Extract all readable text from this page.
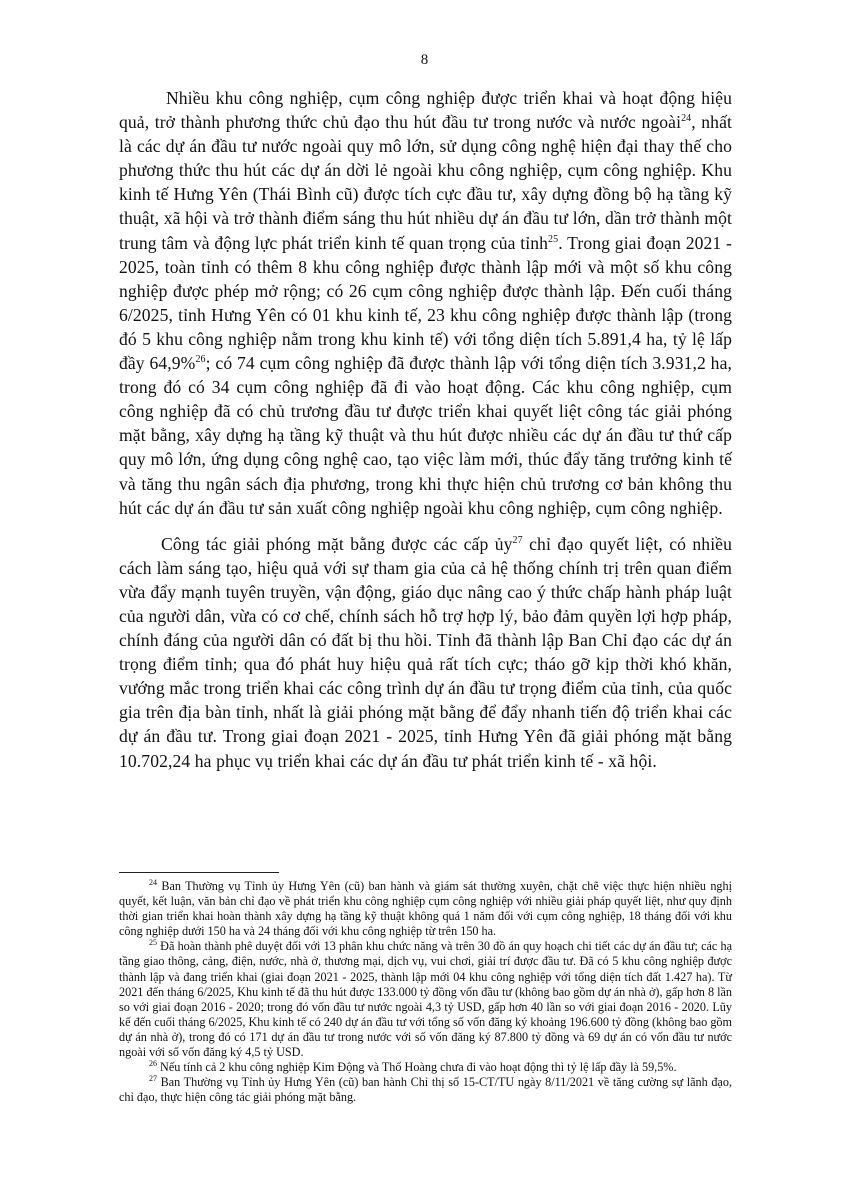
8

Nhiều khu công nghiệp, cụm công nghiệp được triển khai và hoạt động hiệu quả, trở thành phương thức chủ đạo thu hút đầu tư trong nước và nước ngoài$^{24}$, nhất là các dự án đầu tư nước ngoài quy mô lớn, sử dụng công nghệ hiện đại thay thế cho phương thức thu hút các dự án dời lẻ ngoài khu công nghiệp, cụm công nghiệp. Khu kinh tế Hưng Yên (Thái Bình cũ) được tích cực đầu tư, xây dựng đồng bộ hạ tầng kỹ thuật, xã hội và trở thành điểm sáng thu hút nhiều dự án đầu tư lớn, dần trở thành một trung tâm và động lực phát triển kinh tế quan trọng của tỉnh$^{25}$. Trong giai đoạn 2021 - 2025, toàn tỉnh có thêm 8 khu công nghiệp được thành lập mới và một số khu công nghiệp được phép mở rộng; có 26 cụm công nghiệp được thành lập. Đến cuối tháng 6/2025, tỉnh Hưng Yên có 01 khu kinh tế, 23 khu công nghiệp được thành lập (trong đó 5 khu công nghiệp nằm trong khu kinh tế) với tổng diện tích 5.891,4 ha, tỷ lệ lấp đầy 64,9%$^{26}$; có 74 cụm công nghiệp đã được thành lập với tổng diện tích 3.931,2 ha, trong đó có 34 cụm công nghiệp đã đi vào hoạt động. Các khu công nghiệp, cụm công nghiệp đã có chủ trương đầu tư được triển khai quyết liệt công tác giải phóng mặt bằng, xây dựng hạ tầng kỹ thuật và thu hút được nhiều các dự án đầu tư thứ cấp quy mô lớn, ứng dụng công nghệ cao, tạo việc làm mới, thúc đẩy tăng trưởng kinh tế và tăng thu ngân sách địa phương, trong khi thực hiện chủ trương cơ bản không thu hút các dự án đầu tư sản xuất công nghiệp ngoài khu công nghiệp, cụm công nghiệp.

Công tác giải phóng mặt bằng được các cấp ủy$^{27}$ chỉ đạo quyết liệt, có nhiều cách làm sáng tạo, hiệu quả với sự tham gia của cả hệ thống chính trị trên quan điểm vừa đẩy mạnh tuyên truyền, vận động, giáo dục nâng cao ý thức chấp hành pháp luật của người dân, vừa có cơ chế, chính sách hỗ trợ hợp lý, bảo đảm quyền lợi hợp pháp, chính đáng của người dân có đất bị thu hồi. Tỉnh đã thành lập Ban Chỉ đạo các dự án trọng điểm tỉnh; qua đó phát huy hiệu quả rất tích cực; tháo gỡ kịp thời khó khăn, vướng mắc trong triển khai các công trình dự án đầu tư trọng điểm của tỉnh, của quốc gia trên địa bàn tỉnh, nhất là giải phóng mặt bằng để đẩy nhanh tiến độ triển khai các dự án đầu tư. Trong giai đoạn 2021 - 2025, tỉnh Hưng Yên đã giải phóng mặt bằng 10.702,24 ha phục vụ triển khai các dự án đầu tư phát triển kinh tế - xã hội.

$^{24}$ Ban Thường vụ Tỉnh ủy Hưng Yên (cũ) ban hành và giám sát thường xuyên, chặt chẽ việc thực hiện nhiều nghị quyết, kết luận, văn bản chỉ đạo về phát triển khu công nghiệp cụm công nghiệp với nhiều giải pháp quyết liệt, như quy định thời gian triển khai hoàn thành xây dựng hạ tầng kỹ thuật không quá 1 năm đối với cụm công nghiệp, 18 tháng đối với khu công nghiệp dưới 150 ha và 24 tháng đối với khu công nghiệp từ trên 150 ha.

$^{25}$ Đã hoàn thành phê duyệt đối với 13 phân khu chức năng và trên 30 đồ án quy hoạch chi tiết các dự án đầu tư; các hạ tầng giao thông, cảng, điện, nước, nhà ở, thương mại, dịch vụ, vui chơi, giải trí được đầu tư. Đã có 5 khu công nghiệp được thành lập và đang triển khai (giai đoạn 2021 - 2025, thành lập mới 04 khu công nghiệp với tổng diện tích đất 1.427 ha). Từ 2021 đến tháng 6/2025, Khu kinh tế đã thu hút được 133.000 tỷ đồng vốn đầu tư (không bao gồm dự án nhà ở), gấp hơn 8 lần so với giai đoạn 2016 - 2020; trong đó vốn đầu tư nước ngoài 4,3 tỷ USD, gấp hơn 40 lần so với giai đoạn 2016 - 2020. Lũy kế đến cuối tháng 6/2025, Khu kinh tế có 240 dự án đầu tư với tổng số vốn đăng ký khoảng 196.600 tỷ đồng (không bao gồm dự án nhà ở), trong đó có 171 dự án đầu tư trong nước với số vốn đăng ký 87.800 tỷ đồng và 69 dự án có vốn đầu tư nước ngoài với số vốn đăng ký 4,5 tỷ USD.

$^{26}$ Nếu tính cả 2 khu công nghiệp Kim Động và Thổ Hoàng chưa đi vào hoạt động thì tỷ lệ lấp đầy là 59,5%.

$^{27}$ Ban Thường vụ Tỉnh ủy Hưng Yên (cũ) ban hành Chỉ thị số 15-CT/TU ngày 8/11/2021 về tăng cường sự lãnh đạo, chỉ đạo, thực hiện công tác giải phóng mặt bằng.
